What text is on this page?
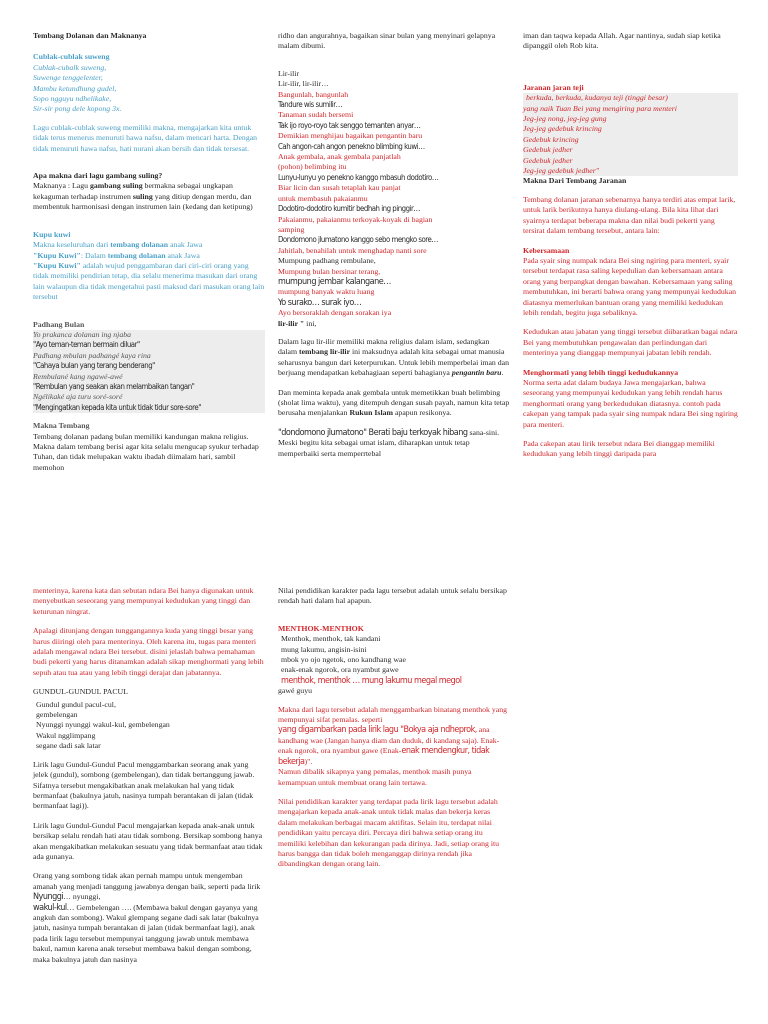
Tembang Dolanan dan Maknanya

Cublak-cublak suweng
Cublak-cubalk suweng,
Suwenge tenggelenter,
Mambu ketundhung gudel,
Sopo ngguyu ndhelikake,
Sir-sir pong dele kopong 3x.

Lagu cublak-cublak suweng memiliki makna, mengajarkan kita untuk tidak terus menerus menuruti hawa nafsu, dalam mencari harta. Dengan tidak menuruti hawa nafsu, hati nurani akan bersih dan tidak tersesat.

Apa makna dari lagu gambang suling?

Maknanya : Lagu gambang suling bermakna sebagai ungkapan kekaguman terhadap instrumen suling yang ditiup dengan merdu, dan membentuk harmonisasi dengan instrumen lain (kedang dan ketipung)

Kupu kuwi

Makna keseluruhan dari tembang dolanan anak Jawa
"Kupu Kuwi": Dalam tembang dolanan anak Jawa
"Kupu Kuwi" adalah wujud penggambaran dari ciri-ciri orang yang tidak memiliki pendirian tetap, dia selalu menerima masukan dari orang lain walaupun dia tidak mengetahui pasti maksud dari masukan orang lain tersebut

Padhang Bulan
Yo prakanca dolanan ing njaba
"Ayo teman-teman bermain diluar"
Padhang mbulan padhangé kaya rina
"Cahaya bulan yang terang benderang"
Rembulané kang ngawé-awé
"Rembulan yang seakan akan melambaikan tangan"
Ngélikaké aja turu soré-soré
"Mengingatkan kepada kita untuk tidak tidur sore-sore"
Makna Tembang

Tembang dolanan padang bulan memiliki kandungan makna religius. Makna dalam tembang berisi agar kita selalu mengucap syukur terhadap Tuhan, dan tidak melupakan waktu ibadah diimalam hari, sambil memohon

ridho dan angurahnya, bagaikan sinar bulan yang menyinari gelapnya malam dibumi.

Lir-ilir
Lir-ilir, lir-ilir…
Bangunlah, bangunlah
Tandure wis sumilir…
Tanaman sudah bersemi
Tak ijo royo-royo tak senggo temanten anyar…
Demikian menghijau bagaikan pengantin baru
Cah angon-cah angon penekno blimbing kuwi…
Anak gembala, anak gembala panjatlah
(pohon) belimbing itu
Lunyu-lunyu yo penekno kanggo mbasuh dodotiro…
Biar licin dan susah tetaplah kau panjat
untuk membasuh pakaianmu
Dodotiro-dodotiro kumitir bedhah ing pinggir…
Pakaianmu, pakaianmu terkoyak-koyak di bagian
samping
Dondomono jlumatono kanggo sebo mengko sore…
Jahitlah, benahilah untuk menghadap nanti sore
Mumpung padhang rembulane,
Mumpung bulan bersinar terang,
mumpung jembar kalangane…
mumpung banyak waktu luang
Yo surako… surak iyo…
Ayo bersoraklah dengan sorakan iya
lir-ilir " ini,

Dalam lagu lir-ilir memiliki makna religius dalam islam, sedangkan dalam tembang lir-ilir ini maksudnya adalah kita sebagai umat manusia seharusnya bangun dari keterpurukan. Untuk lebih memperbelai iman dan berjuang mendapatkan kebahagiaan seperti bahagianya pengantin baru.

Dan meminta kepada anak gembala untuk memetikkan buah belimbing (sholat lima waktu), yang ditempuh dengan susah payah, namun kita tetap berusaha menjalankan Rukun Islam apapun resikonya.

"dondomono jlumatono" Berati baju terkoyak hibang sana-sini. Meski begitu kita sebagai umat islam, diharapkan untuk tetap memperbaiki serta memperrtebal

iman dan taqwa kepada Allah. Agar nantinya, sudah siap ketika dipanggil oleh Rob kita.

Jaranan jaran teji
berkuda, berkuda, kudanya teji (tinggi besar)
yang naik Tuan Bei yang mengiring para menteri
Jeg-jeg nong, jeg-jeg gung
Jeg-jeg gedebuk krincing
Gedebuk krincing
Gedebuk jedher
Gedebuk jedher
Jeg-jeg gedebuk jedher"
Makna Dari Tembang Jaranan

Tembang dolanan jaranan sebenarnya hanya terdiri atas empat larik, untuk larik berikutnya hanya diulang-ulang. Bila kita lihat dari syairnya terdapat beberapa makna dan nilai budi pekerti yang tersirat dalam tembang tersebut, antara lain:

Kebersamaan

Pada syair sing numpak ndara Bei sing ngiring para menteri, syair tersebut terdapat rasa saling kepedulian dan kebersamaan antara orang yang berpangkat dengan bawahan. Kebersamaan yang saling membutuhkan, ini berarti bahwa orang yang mempunyai kedudukan diatasnya memerlukan bantuan orang yang memiliki kedudukan lebih rendah, begitu juga sebaliknya.

Kedudukan atau jabatan yang tinggi tersebut diibaratkan bagai ndara Bei yang membutuhkan pengawalan dan perlindungan dari menterinya yang dianggap mempunyai jabatan lebih rendah.

Menghormati yang lebih tinggi kedudukannya

Norma serta adat dalam budaya Jawa mengajarkan, bahwa seseorang yang mempunyai kedudukan yang lebih rendah harus menghormati orang yang berkedudukan diatasnya. contoh pada cakepan yang tampak pada syair sing numpak ndara Bei sing ngiring para menteri.

Pada cakepan atau lirik tersebut ndara Bei dianggap memiliki kedudukan yang lebih tinggi daripada para

menterinya, karena kata dan sebutan ndara Bei hanya digunakan untuk menyebutkan seseorang yang mempunyai kedudukan yang tinggi dan keturunan ningrat.

Apalagi ditunjang dengan tunggangannya kuda yang tinggi besar yang harus diiringi oleh para menterinya. Oleh karena itu, tugas para menteri adalah mengawal ndara Bei tersebut. disini jelaslah bahwa pemahaman budi pekerti yang harus ditanamkan adalah sikap menghormati yang lebih sepuh atau tua atau yang lebih tinggi derajat dan jabatannya.

GUNDUL-GUNDUL PACUL
Gundul gundul pacul-cul,
gembelengan
Nyunggi nyunggi wakul-kul, gembelengan
Wakul ngglimpang
segane dadi sak latar

Lirik lagu Gundul-Gundul Pacul menggambarkan seorang anak yang jelek (gundul), sombong (gembelengan), dan tidak bertanggung jawab. Sifatnya tersebut mengakibatkan anak melakukan hal yang tidak bermanfaat (bakulnya jatuh, nasinya tumpah berantakan di jalan (tidak bermanfaat lagi)).

Lirik lagu Gundul-Gundul Pacul mengajarkan kepada anak-anak untuk bersikap selalu rendah hati atau tidak sombong. Bersikap sombong hanya akan mengakibatkan melakukan sesuatu yang tidak bermanfaat atau tidak ada gunanya.

Orang yang sombong tidak akan pernah mampu untuk mengemban amanah yang menjadi tanggung jawabnya dengan baik, seperti pada lirik Nyunggi… nyunggi,
wakul-kul… Gembelengan …. (Membawa bakul dengan gayanya yang angkuh dan sombong). Wakul glempang segane dadi sak latar (bakulnya jatuh, nasinya tumpah berantakan di jalan (tidak bermanfaat lagi), anak pada lirik lagu tersebut mempunyai tanggung jawab untuk membawa bakul, namun karena anak tersebut membawa bakul dengan sombong, maka bakulnya jatuh dan nasinya

Nilai pendidikan karakter pada lagu tersebut adalah untuk selalu bersikap rendah hati dalam hal apapun.

MENTHOK-MENTHOK
Menthok, menthok, tak kandani
mung lakumu, angisin-isini
mbok yo ojo ngetok, ono kandhang wae
enak-enak ngorok, ora nyambut gawe
menthok, menthok … mung lakumu megal megol
gawé guyu

Makna dari lagu tersebut adalah menggambarkan binatang menthok yang mempunyai sifat pemalas. seperti
yang digambarkan pada lirik lagu "Bokya aja ndheprok, ana kandhang wae (Jangan hanya diam dan duduk, di kandang saja). Enak-enak ngorok, ora nyambut gawe (Enak-enak mendengkur, tidak bekerja)".
Namun dibalik sikapnya yang pemalas, menthok masih punya kemampuan untuk membuat orang lain tertawa.

Nilai pendidikan karakter yang terdapat pada lirik lagu tersebut adalah mengajarkan kepada anak-anak untuk tidak malas dan bekerja keras dalam melakukan berbagai macam aktifitas. Selain itu, terdapat nilai pendidikan yaitu percaya diri. Percaya diri bahwa setiap orang itu memiliki kelebihan dan kekurangan pada dirinya. Jadi, setiap orang itu harus bangga dan tidak boleh menganggap dirinya rendah jika dibandingkan dengan orang lain.
